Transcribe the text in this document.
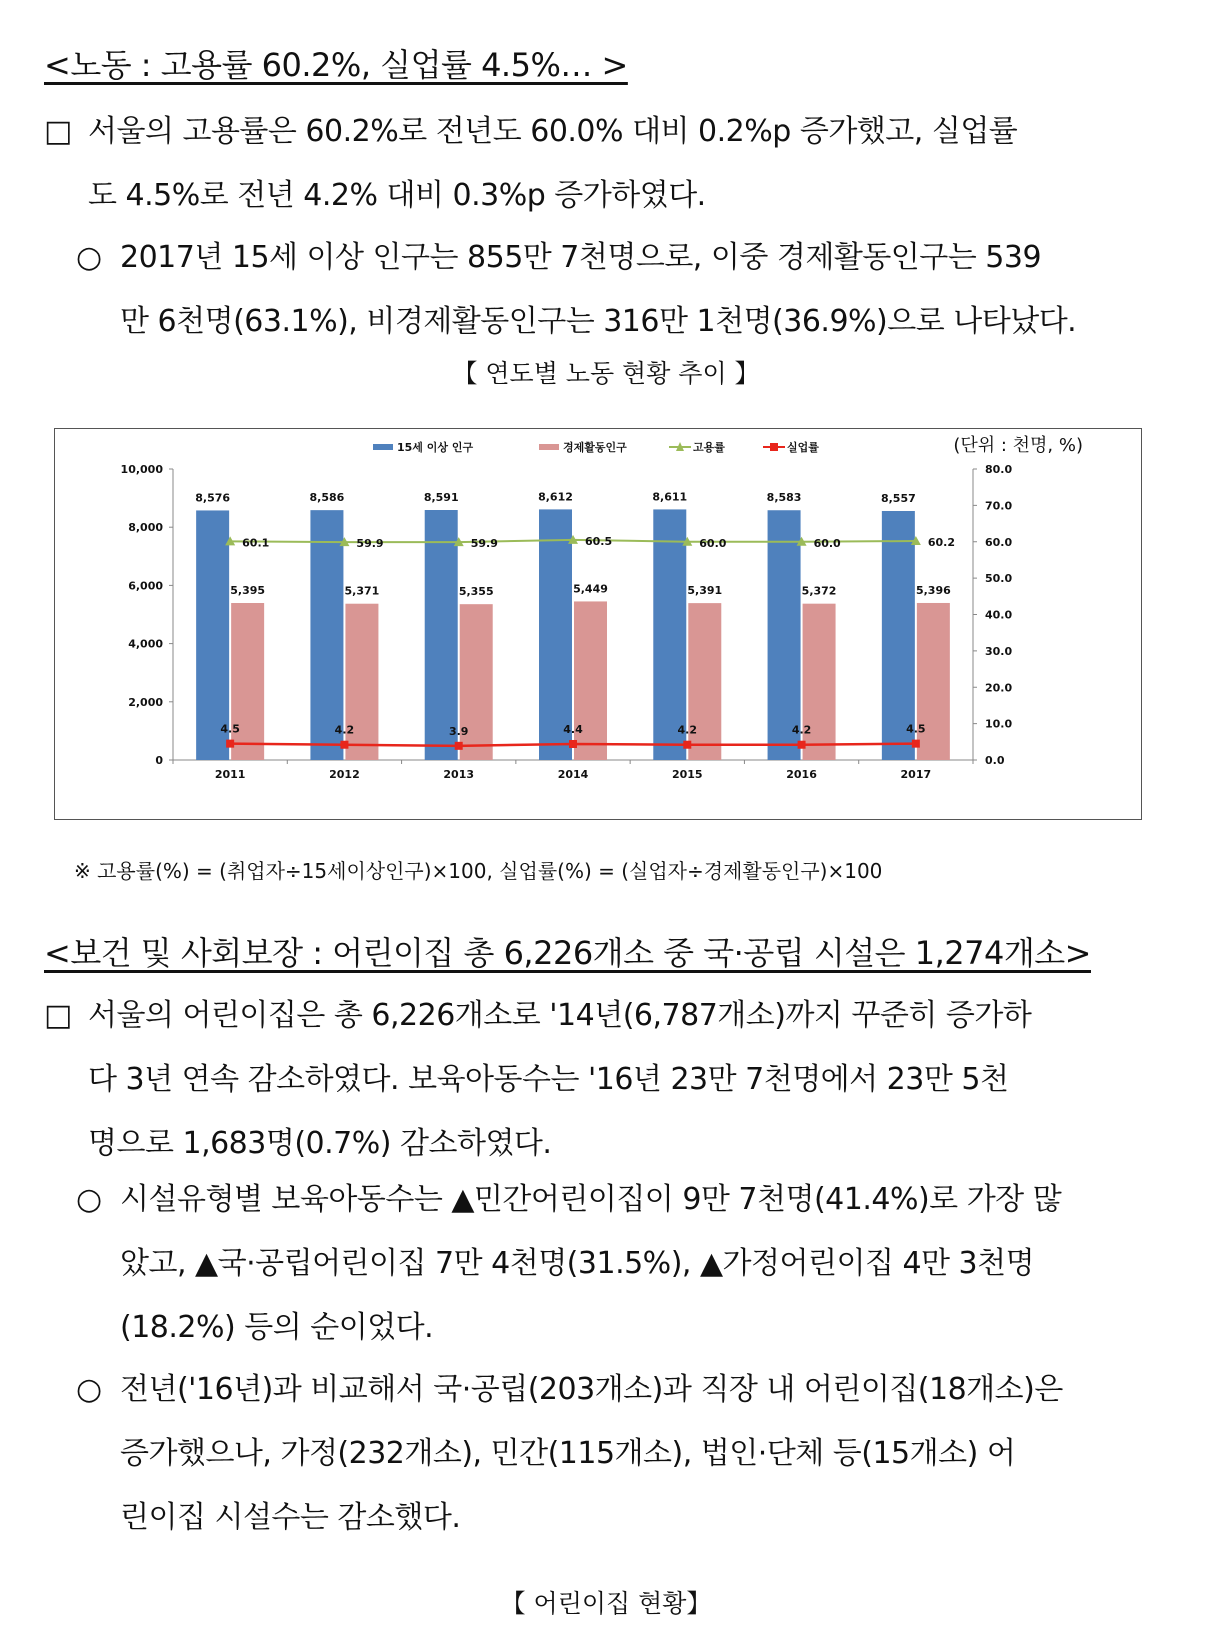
<노동 : 고용률 60.2%, 실업률 4.5%… >
□ 서울의 고용률은 60.2%로 전년도 60.0% 대비 0.2%p 증가했고, 실업률
도 4.5%로 전년 4.2% 대비 0.3%p 증가하였다.
○ 2017년 15세 이상 인구는 855만 7천명으로, 이중 경제활동인구는 539
만 6천명(63.1%), 비경제활동인구는 316만 1천명(36.9%)으로 나타났다.
【 연도별 노동 현황 추이 】
(단위 : 천명, %)
0
2,000
4,000
6,000
8,000
10,000
0.0
10.0
20.0
30.0
40.0
50.0
60.0
70.0
80.0
2011	2012	2013	2014	2015	2016	2017
8,576	8,586	8,591	8,612	8,611	8,583	8,557
5,395	5,371	5,355	5,449	5,391	5,372	5,396
60.1	59.9	59.9	60.5	60.0	60.0	60.2
4.5	4.2	3.9	4.4	4.2	4.2	4.5
15세 이상 인구	경제활동인구	고용률	실업률
※ 고용률(%) = (취업자÷15세이상인구)×100, 실업률(%) = (실업자÷경제활동인구)×100
<보건 및 사회보장 : 어린이집 총 6,226개소 중 국·공립 시설은 1,274개소>
□ 서울의 어린이집은 총 6,226개소로 '14년(6,787개소)까지 꾸준히 증가하
다 3년 연속 감소하였다. 보육아동수는 '16년 23만 7천명에서 23만 5천
명으로 1,683명(0.7%) 감소하였다.
○ 시설유형별 보육아동수는 ▲민간어린이집이 9만 7천명(41.4%)로 가장 많
았고, ▲국·공립어린이집 7만 4천명(31.5%), ▲가정어린이집 4만 3천명
(18.2%) 등의 순이었다.
○ 전년('16년)과 비교해서 국·공립(203개소)과 직장 내 어린이집(18개소)은
증가했으나, 가정(232개소), 민간(115개소), 법인·단체 등(15개소) 어
린이집 시설수는 감소했다.
【 어린이집 현황】
